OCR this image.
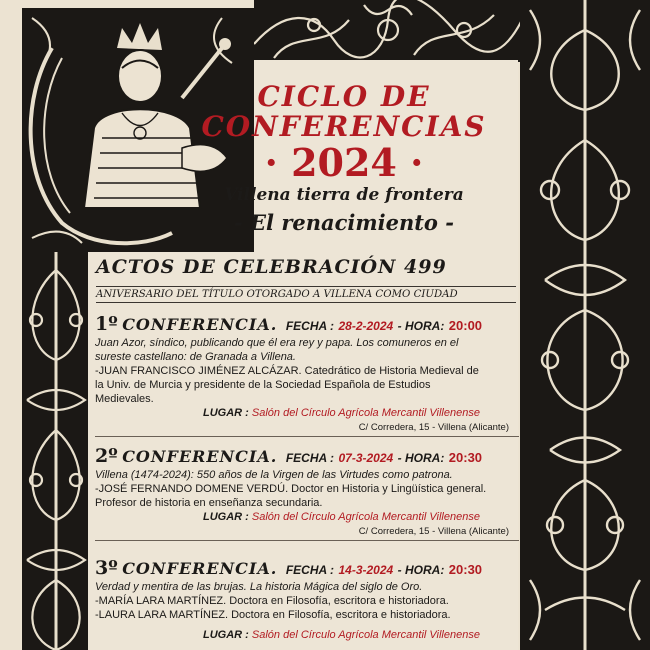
CICLO DE
CONFERENCIAS
· 2024 ·
Villena tierra de frontera
- El renacimiento -
ACTOS DE CELEBRACIÓN 499
ANIVERSARIO DEL TÍTULO OTORGADO A VILLENA COMO CIUDAD
1º CONFERENCIA. FECHA : 28-2-2024 - HORA: 20:00
Juan Azor, síndico, publicando que él era rey y papa. Los comuneros en el
sureste castellano: de Granada a Villena.
-JUAN FRANCISCO JIMÉNEZ ALCÁZAR. Catedrático de Historia Medieval de
la Univ. de Murcia y presidente de la Sociedad Española de Estudios
Medievales.
LUGAR : Salón del Círculo Agrícola Mercantil Villenense
C/ Corredera, 15 - Villena (Alicante)
2º CONFERENCIA. FECHA : 07-3-2024 - HORA: 20:30
Villena (1474-2024): 550 años de la Virgen de las Virtudes como patrona.
-JOSÉ FERNANDO DOMENE VERDÚ. Doctor en Historia y Lingüística general.
Profesor de historia en enseñanza secundaria.
LUGAR : Salón del Círculo Agrícola Mercantil Villenense
C/ Corredera, 15 - Villena (Alicante)
3º CONFERENCIA. FECHA : 14-3-2024 - HORA: 20:30
Verdad y mentira de las brujas. La historia Mágica del siglo de Oro.
-MARÍA LARA MARTÍNEZ. Doctora en Filosofía, escritora e historiadora.
-LAURA LARA MARTÍNEZ. Doctora en Filosofía, escritora e historiadora.
LUGAR : Salón del Círculo Agrícola Mercantil Villenense
